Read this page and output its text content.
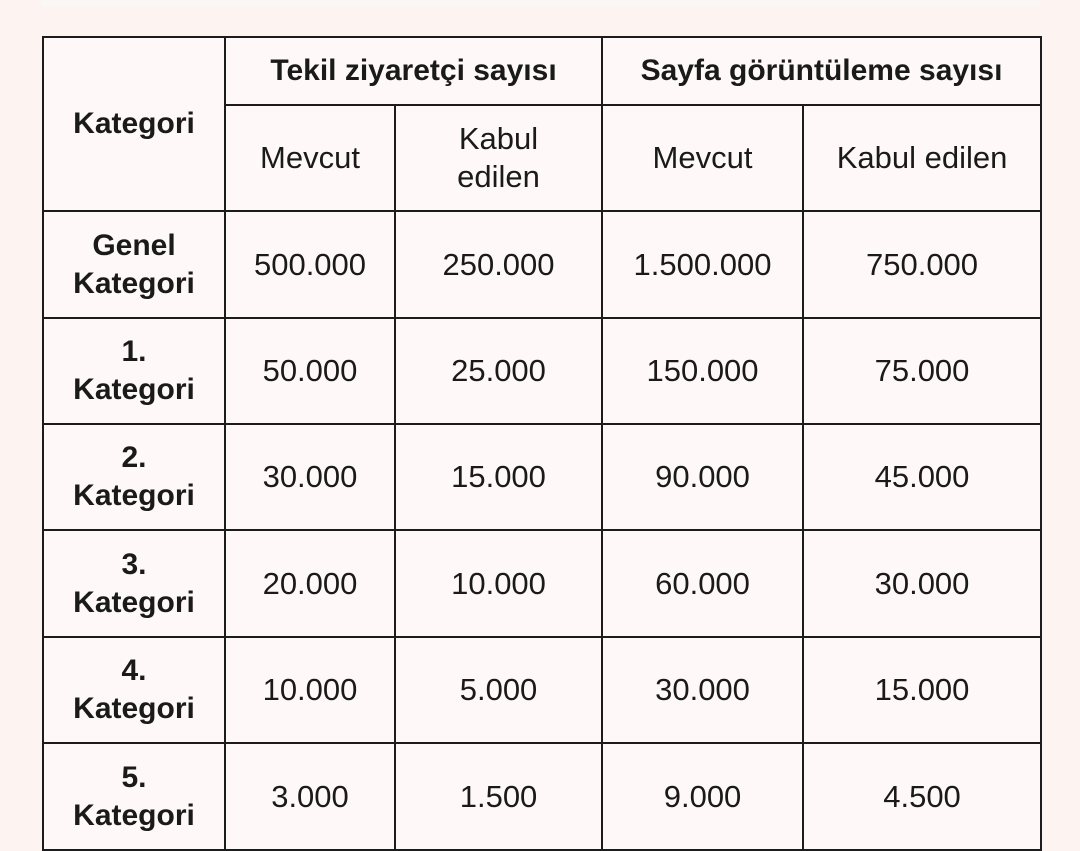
Kategori	Tekil ziyaretçi sayısı		Sayfa görüntüleme sayısı	
	Mevcut	Kabul edilen	Mevcut	Kabul edilen
Genel Kategori	500.000	250.000	1.500.000	750.000
1. Kategori	50.000	25.000	150.000	75.000
2. Kategori	30.000	15.000	90.000	45.000
3. Kategori	20.000	10.000	60.000	30.000
4. Kategori	10.000	5.000	30.000	15.000
5. Kategori	3.000	1.500	9.000	4.500
